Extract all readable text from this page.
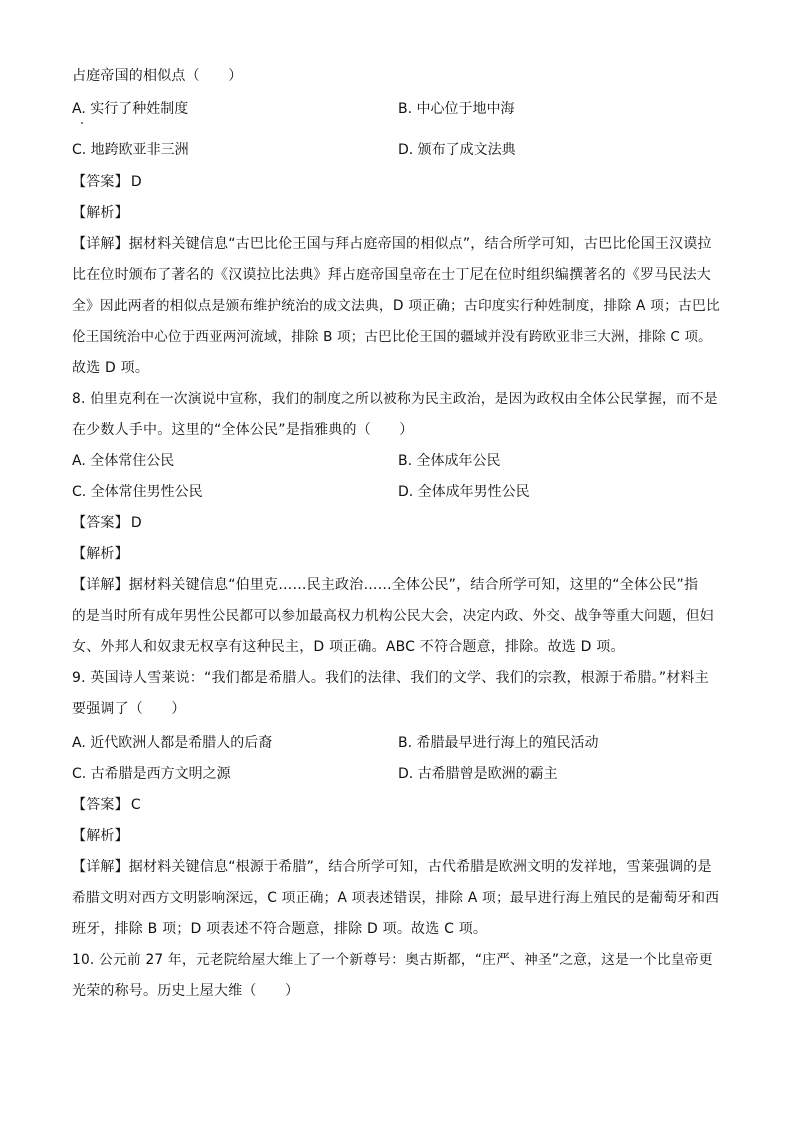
占庭帝国的相似点（　　）
A. 实行了种姓制度	B. 中心位于地中海
C. 地跨欧亚非三洲	D. 颁布了成文法典
【答案】 D
【解析】
【详解】据材料关键信息“古巴比伦王国与拜占庭帝国的相似点”，结合所学可知，古巴比伦国王汉谟拉
比在位时颁布了著名的《汉谟拉比法典》拜占庭帝国皇帝在士丁尼在位时组织编撰著名的《罗马民法大
全》因此两者的相似点是颁布维护统治的成文法典，D 项正确；古印度实行种姓制度，排除 A 项；古巴比
伦王国统治中心位于西亚两河流域，排除 B 项；古巴比伦王国的疆域并没有跨欧亚非三大洲，排除 C 项。
故选 D 项。
8. 伯里克利在一次演说中宣称，我们的制度之所以被称为民主政治，是因为政权由全体公民掌握，而不是
在少数人手中。这里的“全体公民”是指雅典的（　　）
A. 全体常住公民	B. 全体成年公民
C. 全体常住男性公民	D. 全体成年男性公民
【答案】 D
【解析】
【详解】据材料关键信息“伯里克……民主政治……全体公民”，结合所学可知，这里的“全体公民”指
的是当时所有成年男性公民都可以参加最高权力机构公民大会，决定内政、外交、战争等重大问题，但妇
女、外邦人和奴隶无权享有这种民主，D 项正确。ABC 不符合题意，排除。故选 D 项。
9. 英国诗人雪莱说：“我们都是希腊人。我们的法律、我们的文学、我们的宗教，根源于希腊。”材料主
要强调了（　　）
A. 近代欧洲人都是希腊人的后裔	B. 希腊最早进行海上的殖民活动
C. 古希腊是西方文明之源	D. 古希腊曾是欧洲的霸主
【答案】 C
【解析】
【详解】据材料关键信息“根源于希腊”，结合所学可知，古代希腊是欧洲文明的发祥地，雪莱强调的是
希腊文明对西方文明影响深远，C 项正确；A 项表述错误，排除 A 项；最早进行海上殖民的是葡萄牙和西
班牙，排除 B 项；D 项表述不符合题意，排除 D 项。故选 C 项。
10. 公元前 27 年，元老院给屋大维上了一个新尊号：奥古斯都，“庄严、神圣”之意，这是一个比皇帝更
光荣的称号。历史上屋大维（　　）
